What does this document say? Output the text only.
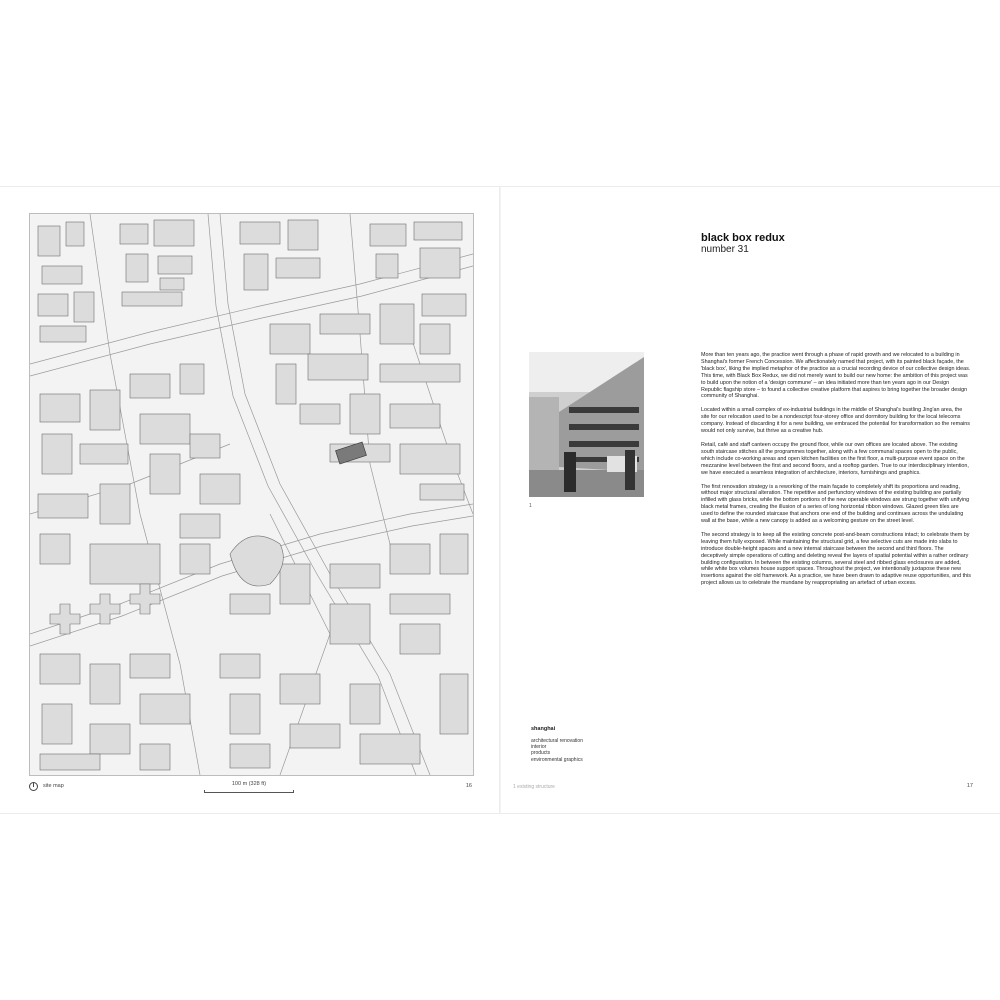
site map	100 m (328 ft)	16
black box redux
number 31
1

More than ten years ago, the practice went through a phase of rapid growth and we relocated to a building in Shanghai's former French Concession. We affectionately named that project, with its painted black façade, the 'black box', liking the implied metaphor of the practice as a crucial recording device of our collective design ideas. This time, with Black Box Redux, we did not merely want to build our new home: the ambition of this project was to build upon the notion of a 'design commune' – an idea initiated more than ten years ago in our Design Republic flagship store – to found a collective creative platform that aspires to bring together the broader design community of Shanghai.

Located within a small complex of ex-industrial buildings in the middle of Shanghai's bustling Jing'an area, the site for our relocation used to be a nondescript four-storey office and dormitory building for the local telecoms company. Instead of discarding it for a new building, we embraced the potential for transformation so the remains would not only survive, but thrive as a creative hub.

Retail, café and staff canteen occupy the ground floor, while our own offices are located above. The existing south staircase stitches all the programmes together, along with a few communal spaces open to the public, which include co-working areas and open kitchen facilities on the first floor, a multi-purpose event space on the mezzanine level between the first and second floors, and a rooftop garden. True to our interdisciplinary intention, we have executed a seamless integration of architecture, interiors, furnishings and graphics.

The first renovation strategy is a reworking of the main façade to completely shift its proportions and reading, without major structural alteration. The repetitive and perfunctory windows of the existing building are partially infilled with glass bricks, while the bottom portions of the new operable windows are strung together with unifying black metal frames, creating the illusion of a series of long horizontal ribbon windows. Glazed green tiles are used to define the rounded staircase that anchors one end of the building and continues across the undulating wall at the base, while a new canopy is added as a welcoming gesture on the street level.

The second strategy is to keep all the existing concrete post-and-beam constructions intact; to celebrate them by leaving them fully exposed. While maintaining the structural grid, a few selective cuts are made into slabs to introduce double-height spaces and a new internal staircase between the second and third floors. The deceptively simple operations of cutting and deleting reveal the layers of spatial potential within a rather ordinary building configuration. In between the existing columns, several steel and ribbed glass enclosures are added, while white box volumes house support spaces. Throughout the project, we intentionally juxtapose these new insertions against the old framework. As a practice, we have been drawn to adaptive reuse opportunities, and this project allows us to celebrate the mundane by reappropriating an artefact of urban excess.

shanghai
architectural renovation
interior
products
environmental graphics
1 existing structure	17
